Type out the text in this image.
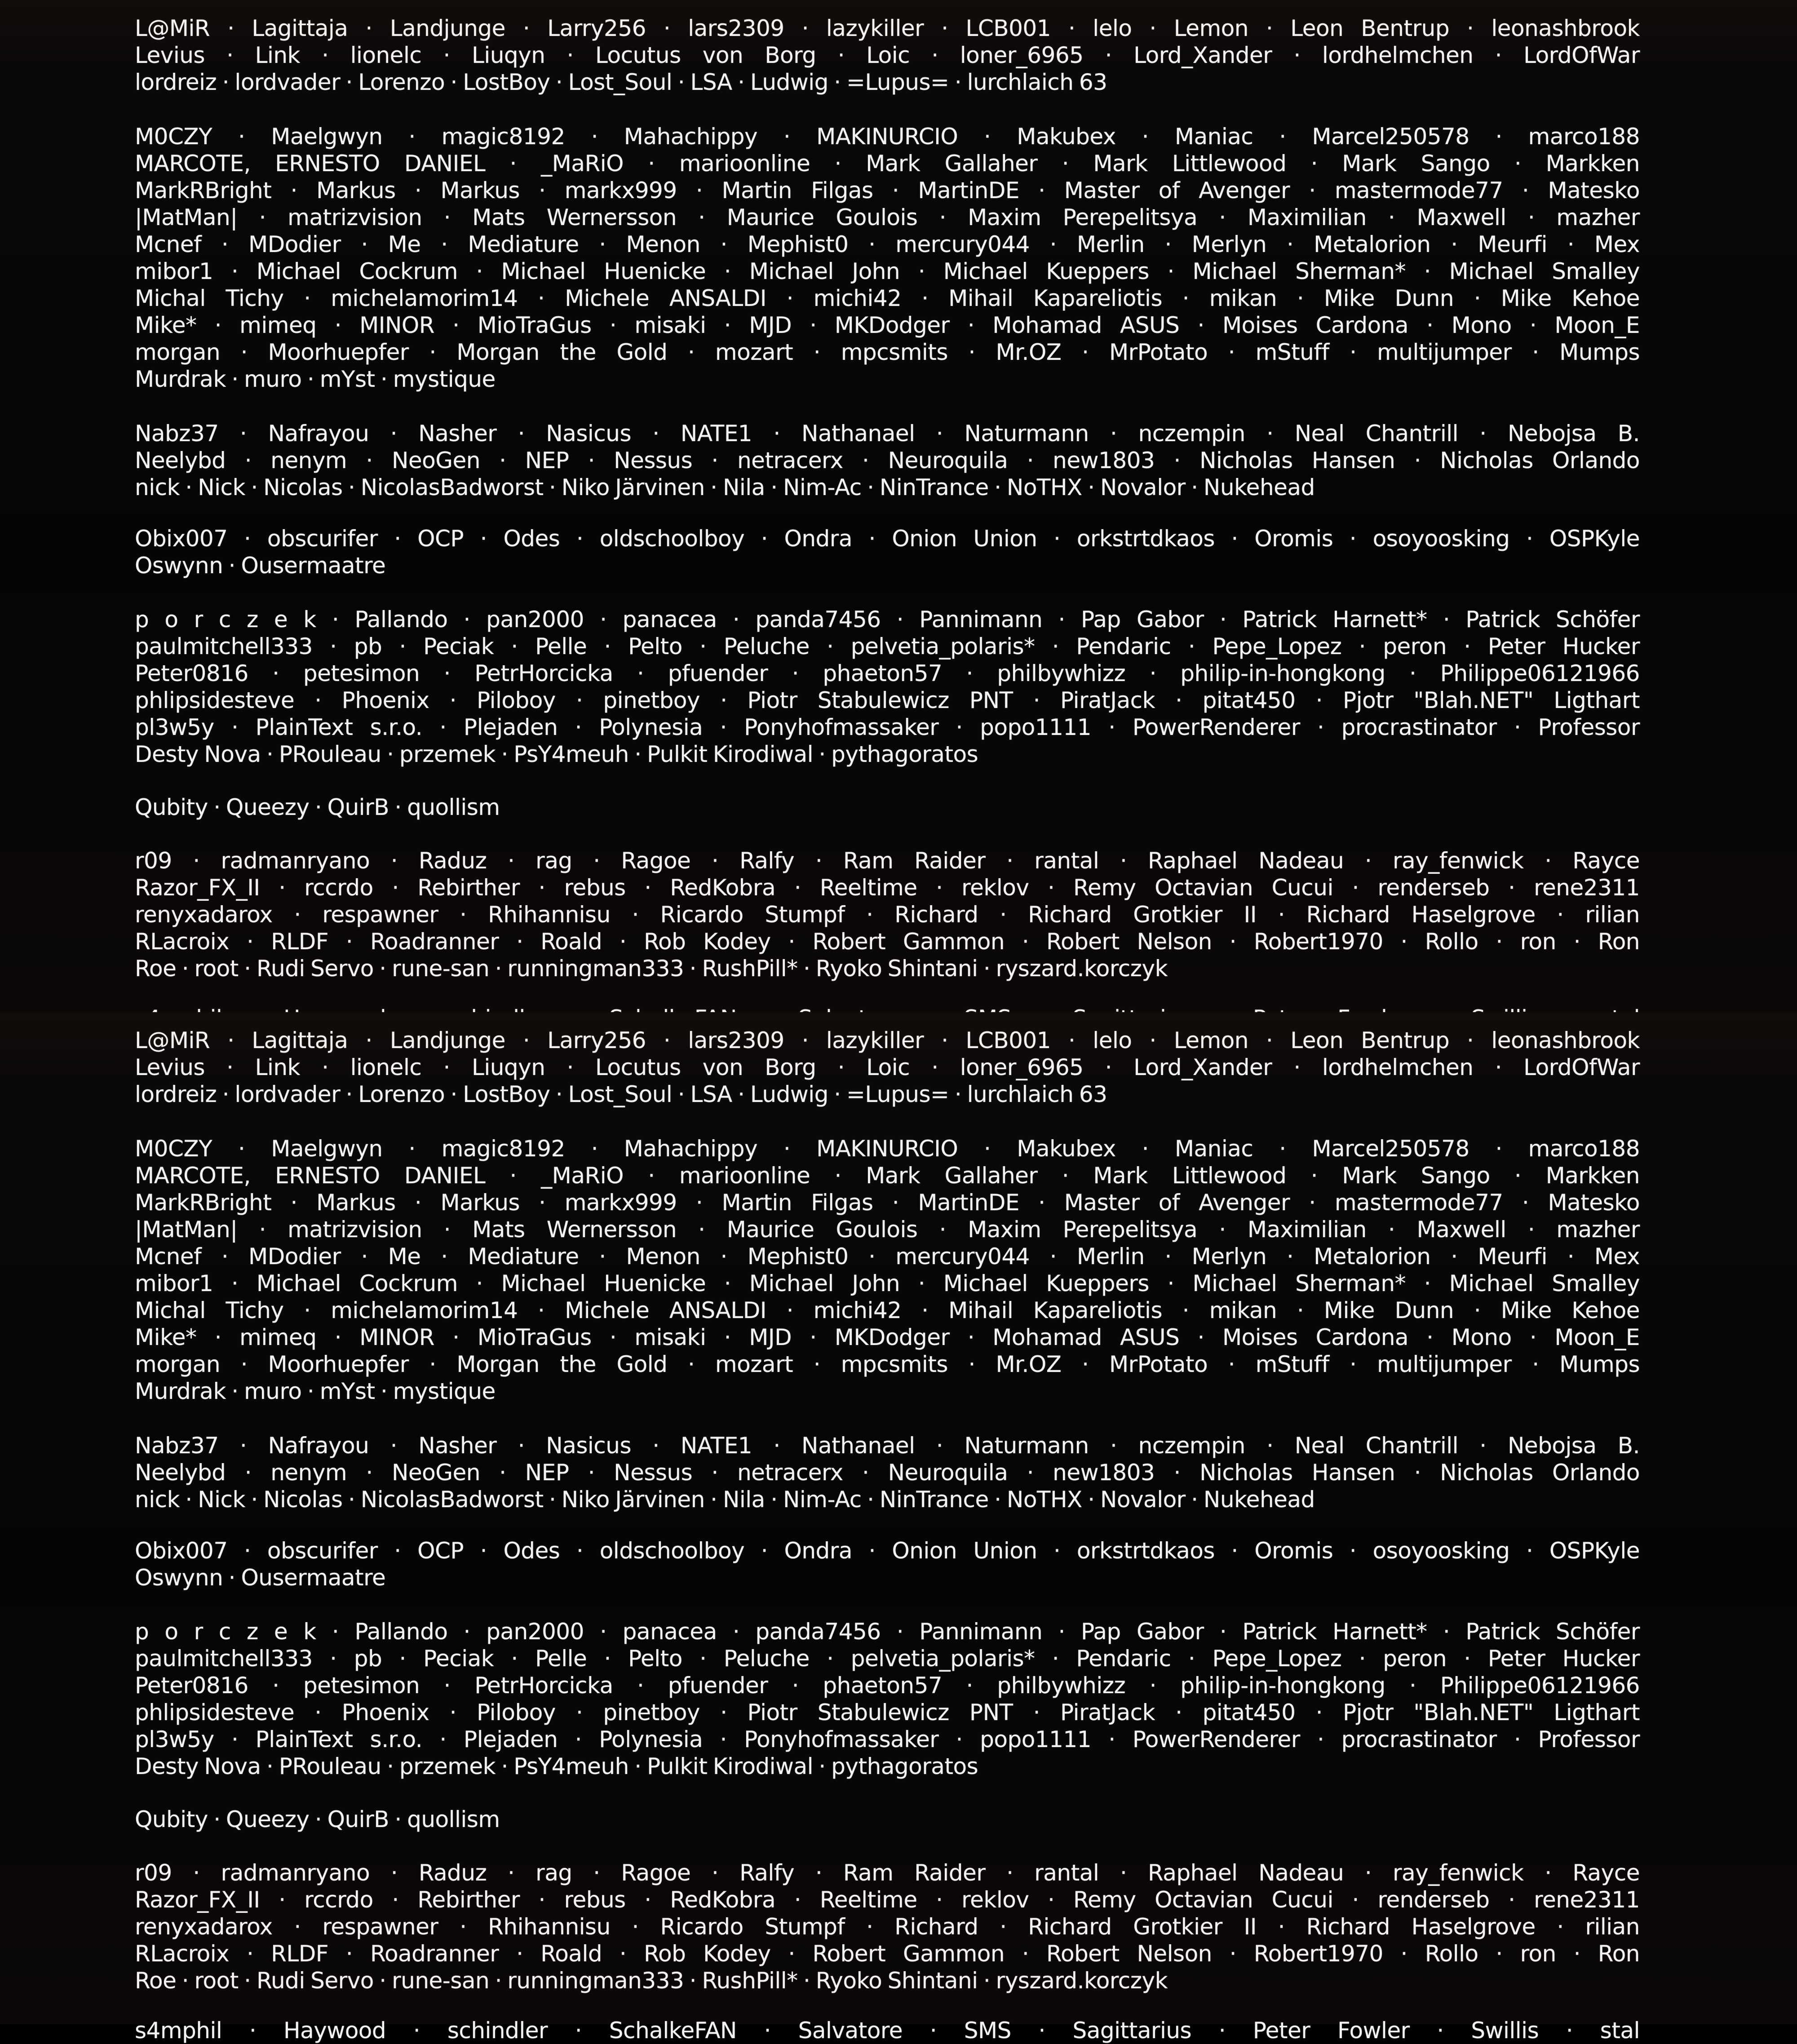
L@MiR · Lagittaja · Landjunge · Larry256 · lars2309 · lazykiller · LCB001 · lelo · Lemon · Leon Bentrup · leonashbrook
Levius · Link · lionelc · Liuqyn · Locutus von Borg · Loic · loner_6965 · Lord_Xander · lordhelmchen · LordOfWar
lordreiz · lordvader · Lorenzo · LostBoy · Lost_Soul · LSA · Ludwig · =Lupus= · lurchlaich 63

M0CZY · Maelgwyn · magic8192 · Mahachippy · MAKINURCIO · Makubex · Maniac · Marcel250578 · marco188
MARCOTE, ERNESTO DANIEL · _MaRiO · marioonline · Mark Gallaher · Mark Littlewood · Mark Sango · Markken
MarkRBright · Markus · Markus · markx999 · Martin Filgas · MartinDE · Master of Avenger · mastermode77 · Matesko
|MatMan| · matrizvision · Mats Wernersson · Maurice Goulois · Maxim Perepelitsya · Maximilian · Maxwell · mazher
Mcnef · MDodier · Me · Mediature · Menon · Mephist0 · mercury044 · Merlin · Merlyn · Metalorion · Meurfi · Mex
mibor1 · Michael Cockrum · Michael Huenicke · Michael John · Michael Kueppers · Michael Sherman* · Michael Smalley
Michal Tichy · michelamorim14 · Michele ANSALDI · michi42 · Mihail Kapareliotis · mikan · Mike Dunn · Mike Kehoe
Mike* · mimeq · MINOR · MioTraGus · misaki · MJD · MKDodger · Mohamad ASUS · Moises Cardona · Mono · Moon_E
morgan · Moorhuepfer · Morgan the Gold · mozart · mpcsmits · Mr.OZ · MrPotato · mStuff · multijumper · Mumps
Murdrak · muro · mYst · mystique

Nabz37 · Nafrayou · Nasher · Nasicus · NATE1 · Nathanael · Naturmann · nczempin · Neal Chantrill · Nebojsa B.
Neelybd · nenym · NeoGen · NEP · Nessus · netracerx · Neuroquila · new1803 · Nicholas Hansen · Nicholas Orlando
nick · Nick · Nicolas · NicolasBadworst · Niko Järvinen · Nila · Nim-Ac · NinTrance · NoTHX · Novalor · Nukehead

Obix007 · obscurifer · OCP · Odes · oldschoolboy · Ondra · Onion Union · orkstrtdkaos · Oromis · osoyoosking · OSPKyle
Oswynn · Ousermaatre

p o r c z e k · Pallando · pan2000 · panacea · panda7456 · Pannimann · Pap Gabor · Patrick Harnett* · Patrick Schöfer
paulmitchell333 · pb · Peciak · Pelle · Pelto · Peluche · pelvetia_polaris* · Pendaric · Pepe_Lopez · peron · Peter Hucker
Peter0816 · petesimon · PetrHorcicka · pfuender · phaeton57 · philbywhizz · philip-in-hongkong · Philippe06121966
phlipsidesteve · Phoenix · Piloboy · pinetboy · Piotr Stabulewicz PNT · PiratJack · pitat450 · Pjotr "Blah.NET" Ligthart
pl3w5y · PlainText s.r.o. · Plejaden · Polynesia · Ponyhofmassaker · popo1111 · PowerRenderer · procrastinator · Professor
Desty Nova · PRouleau · przemek · PsY4meuh · Pulkit Kirodiwal · pythagoratos

Qubity · Queezy · QuirB · quollism

r09 · radmanryano · Raduz · rag · Ragoe · Ralfy · Ram Raider · rantal · Raphael Nadeau · ray_fenwick · Rayce
Razor_FX_II · rccrdo · Rebirther · rebus · RedKobra · Reeltime · reklov · Remy Octavian Cucui · renderseb · rene2311
renyxadarox · respawner · Rhihannisu · Ricardo Stumpf · Richard · Richard Grotkier II · Richard Haselgrove · rilian
RLacroix · RLDF · Roadranner · Roald · Rob Kodey · Robert Gammon · Robert Nelson · Robert1970 · Rollo · ron · Ron
Roe · root · Rudi Servo · rune-san · runningman333 · RushPill* · Ryoko Shintani · ryszard.korczyk

L@MiR · Lagittaja · Landjunge · Larry256 · lars2309 · lazykiller · LCB001 · lelo · Lemon · Leon Bentrup · leonashbrook
Levius · Link · lionelc · Liuqyn · Locutus von Borg · Loic · loner_6965 · Lord_Xander · lordhelmchen · LordOfWar
lordreiz · lordvader · Lorenzo · LostBoy · Lost_Soul · LSA · Ludwig · =Lupus= · lurchlaich 63

M0CZY · Maelgwyn · magic8192 · Mahachippy · MAKINURCIO · Makubex · Maniac · Marcel250578 · marco188
MARCOTE, ERNESTO DANIEL · _MaRiO · marioonline · Mark Gallaher · Mark Littlewood · Mark Sango · Markken
MarkRBright · Markus · Markus · markx999 · Martin Filgas · MartinDE · Master of Avenger · mastermode77 · Matesko
|MatMan| · matrizvision · Mats Wernersson · Maurice Goulois · Maxim Perepelitsya · Maximilian · Maxwell · mazher
Mcnef · MDodier · Me · Mediature · Menon · Mephist0 · mercury044 · Merlin · Merlyn · Metalorion · Meurfi · Mex
mibor1 · Michael Cockrum · Michael Huenicke · Michael John · Michael Kueppers · Michael Sherman* · Michael Smalley
Michal Tichy · michelamorim14 · Michele ANSALDI · michi42 · Mihail Kapareliotis · mikan · Mike Dunn · Mike Kehoe
Mike* · mimeq · MINOR · MioTraGus · misaki · MJD · MKDodger · Mohamad ASUS · Moises Cardona · Mono · Moon_E
morgan · Moorhuepfer · Morgan the Gold · mozart · mpcsmits · Mr.OZ · MrPotato · mStuff · multijumper · Mumps
Murdrak · muro · mYst · mystique

Nabz37 · Nafrayou · Nasher · Nasicus · NATE1 · Nathanael · Naturmann · nczempin · Neal Chantrill · Nebojsa B.
Neelybd · nenym · NeoGen · NEP · Nessus · netracerx · Neuroquila · new1803 · Nicholas Hansen · Nicholas Orlando
nick · Nick · Nicolas · NicolasBadworst · Niko Järvinen · Nila · Nim-Ac · NinTrance · NoTHX · Novalor · Nukehead

Obix007 · obscurifer · OCP · Odes · oldschoolboy · Ondra · Onion Union · orkstrtdkaos · Oromis · osoyoosking · OSPKyle
Oswynn · Ousermaatre

p o r c z e k · Pallando · pan2000 · panacea · panda7456 · Pannimann · Pap Gabor · Patrick Harnett* · Patrick Schöfer
paulmitchell333 · pb · Peciak · Pelle · Pelto · Peluche · pelvetia_polaris* · Pendaric · Pepe_Lopez · peron · Peter Hucker
Peter0816 · petesimon · PetrHorcicka · pfuender · phaeton57 · philbywhizz · philip-in-hongkong · Philippe06121966
phlipsidesteve · Phoenix · Piloboy · pinetboy · Piotr Stabulewicz PNT · PiratJack · pitat450 · Pjotr "Blah.NET" Ligthart
pl3w5y · PlainText s.r.o. · Plejaden · Polynesia · Ponyhofmassaker · popo1111 · PowerRenderer · procrastinator · Professor
Desty Nova · PRouleau · przemek · PsY4meuh · Pulkit Kirodiwal · pythagoratos

Qubity · Queezy · QuirB · quollism

r09 · radmanryano · Raduz · rag · Ragoe · Ralfy · Ram Raider · rantal · Raphael Nadeau · ray_fenwick · Rayce
Razor_FX_II · rccrdo · Rebirther · rebus · RedKobra · Reeltime · reklov · Remy Octavian Cucui · renderseb · rene2311
renyxadarox · respawner · Rhihannisu · Ricardo Stumpf · Richard · Richard Grotkier II · Richard Haselgrove · rilian
RLacroix · RLDF · Roadranner · Roald · Rob Kodey · Robert Gammon · Robert Nelson · Robert1970 · Rollo · ron · Ron
Roe · root · Rudi Servo · rune-san · runningman333 · RushPill* · Ryoko Shintani · ryszard.korczyk

s4mphil · Haywood · schindler · SchalkeFAN · Salvatore · SMS · Sagittarius · Peter Fowler · Swillis · stal
